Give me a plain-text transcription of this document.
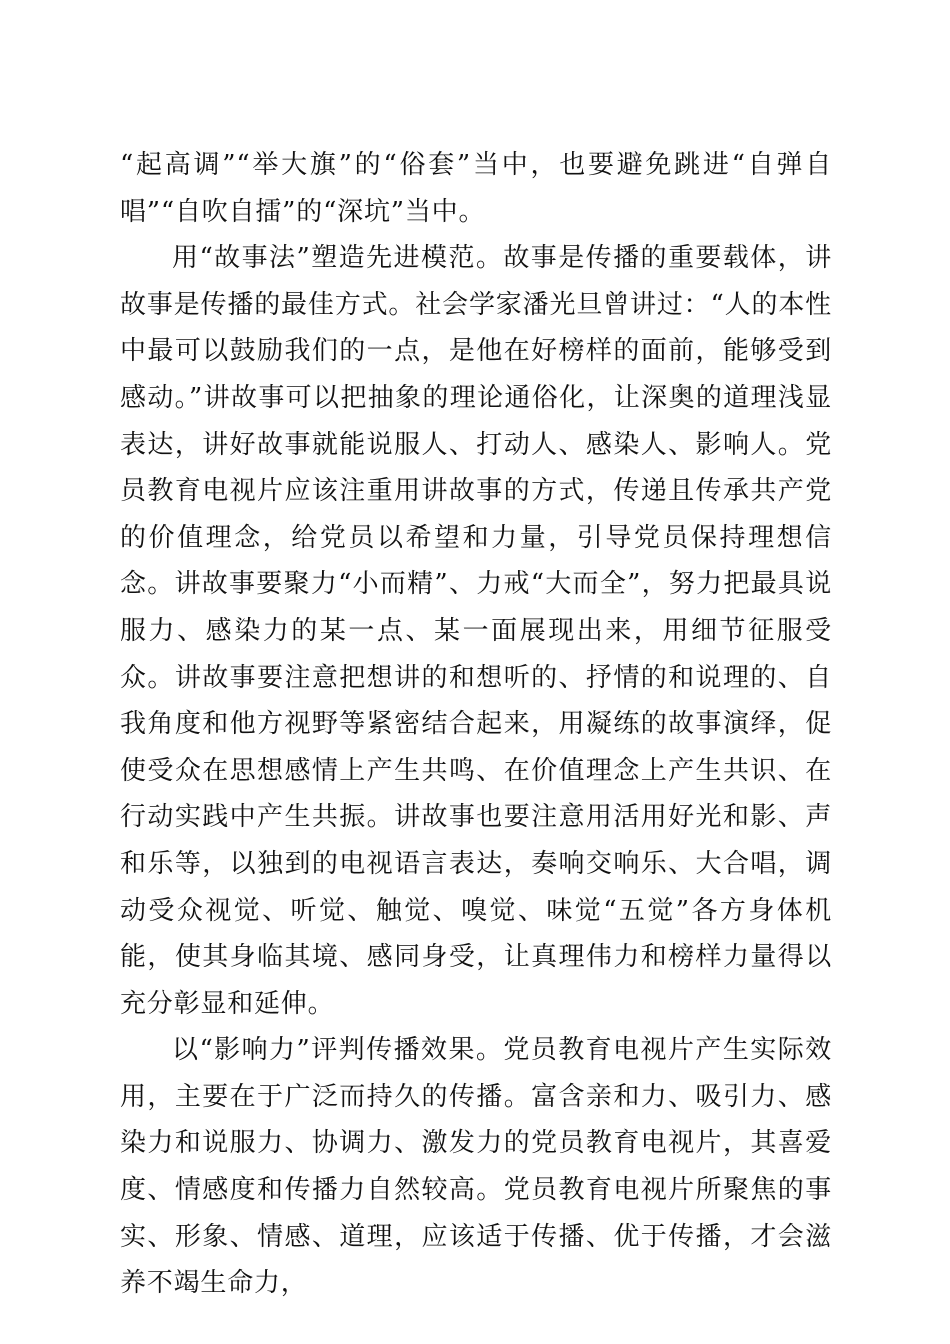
“起高调”“举大旗”的“俗套”当中，也要避免跳进“自弹自唱”“自吹自擂”的“深坑”当中。

用“故事法”塑造先进模范。故事是传播的重要载体，讲故事是传播的最佳方式。社会学家潘光旦曾讲过：“人的本性中最可以鼓励我们的一点，是他在好榜样的面前，能够受到感动。”讲故事可以把抽象的理论通俗化，让深奥的道理浅显表达，讲好故事就能说服人、打动人、感染人、影响人。党员教育电视片应该注重用讲故事的方式，传递且传承共产党的价值理念，给党员以希望和力量，引导党员保持理想信念。讲故事要聚力“小而精”、力戒“大而全”，努力把最具说服力、感染力的某一点、某一面展现出来，用细节征服受众。讲故事要注意把想讲的和想听的、抒情的和说理的、自我角度和他方视野等紧密结合起来，用凝练的故事演绎，促使受众在思想感情上产生共鸣、在价值理念上产生共识、在行动实践中产生共振。讲故事也要注意用活用好光和影、声和乐等，以独到的电视语言表达，奏响交响乐、大合唱，调动受众视觉、听觉、触觉、嗅觉、味觉“五觉”各方身体机能，使其身临其境、感同身受，让真理伟力和榜样力量得以充分彰显和延伸。

以“影响力”评判传播效果。党员教育电视片产生实际效用，主要在于广泛而持久的传播。富含亲和力、吸引力、感染力和说服力、协调力、激发力的党员教育电视片，其喜爱度、情感度和传播力自然较高。党员教育电视片所聚焦的事实、形象、情感、道理，应该适于传播、优于传播，才会滋养不竭生命力，
